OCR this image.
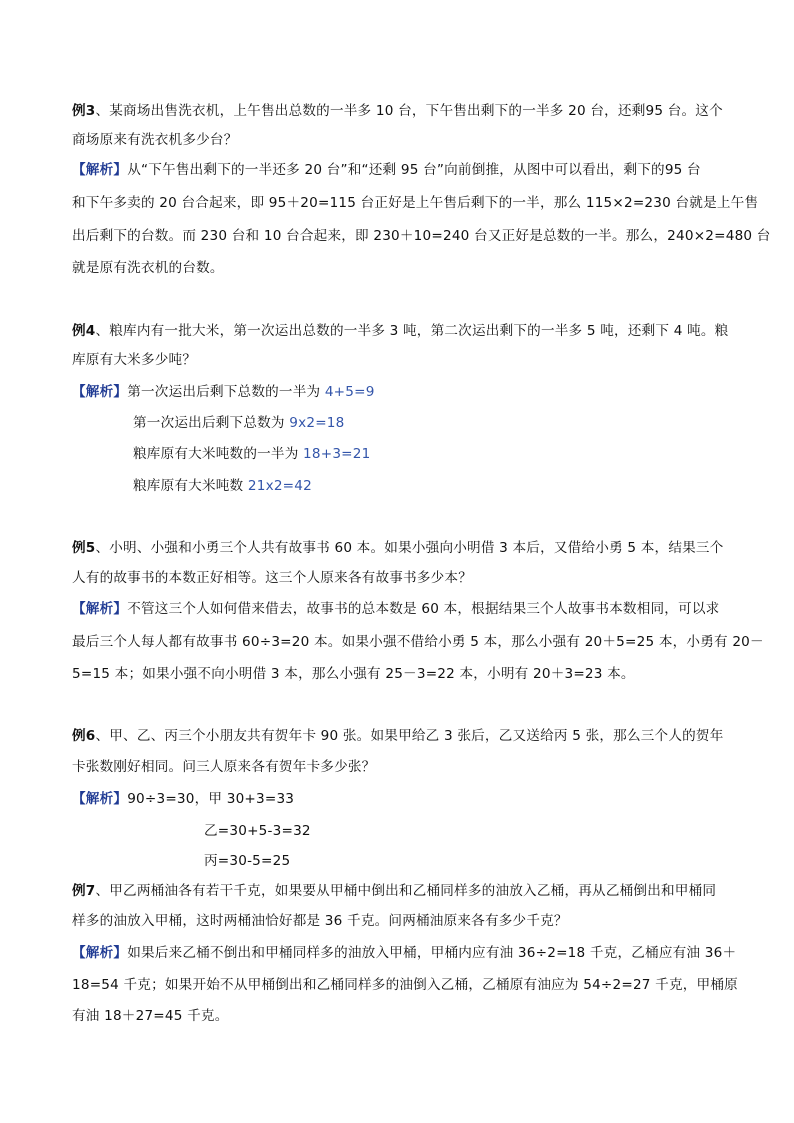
例3、某商场出售洗衣机，上午售出总数的一半多 10 台，下午售出剩下的一半多 20 台，还剩95 台。这个
商场原来有洗衣机多少台？
【解析】从“下午售出剩下的一半还多 20 台”和“还剩 95 台”向前倒推，从图中可以看出，剩下的95 台
和下午多卖的 20 台合起来，即 95＋20=115 台正好是上午售后剩下的一半，那么 115×2=230 台就是上午售
出后剩下的台数。而 230 台和 10 台合起来，即 230＋10=240 台又正好是总数的一半。那么，240×2=480 台
就是原有洗衣机的台数。
例4、粮库内有一批大米，第一次运出总数的一半多 3 吨，第二次运出剩下的一半多 5 吨，还剩下 4 吨。粮
库原有大米多少吨？
【解析】第一次运出后剩下总数的一半为 4+5=9
第一次运出后剩下总数为 9x2=18
粮库原有大米吨数的一半为 18+3=21
粮库原有大米吨数 21x2=42
例5、小明、小强和小勇三个人共有故事书 60 本。如果小强向小明借 3 本后，又借给小勇 5 本，结果三个
人有的故事书的本数正好相等。这三个人原来各有故事书多少本？
【解析】不管这三个人如何借来借去，故事书的总本数是 60 本，根据结果三个人故事书本数相同，可以求
最后三个人每人都有故事书 60÷3=20 本。如果小强不借给小勇 5 本，那么小强有 20＋5=25 本，小勇有 20－
5=15 本；如果小强不向小明借 3 本，那么小强有 25－3=22 本，小明有 20＋3=23 本。
例6、甲、乙、丙三个小朋友共有贺年卡 90 张。如果甲给乙 3 张后，乙又送给丙 5 张，那么三个人的贺年
卡张数刚好相同。问三人原来各有贺年卡多少张？
【解析】90÷3=30，甲 30+3=33
乙=30+5-3=32
丙=30-5=25
例7、甲乙两桶油各有若干千克，如果要从甲桶中倒出和乙桶同样多的油放入乙桶，再从乙桶倒出和甲桶同
样多的油放入甲桶，这时两桶油恰好都是 36 千克。问两桶油原来各有多少千克？
【解析】如果后来乙桶不倒出和甲桶同样多的油放入甲桶，甲桶内应有油 36÷2=18 千克，乙桶应有油 36＋
18=54 千克；如果开始不从甲桶倒出和乙桶同样多的油倒入乙桶，乙桶原有油应为 54÷2=27 千克，甲桶原
有油 18＋27=45 千克。
